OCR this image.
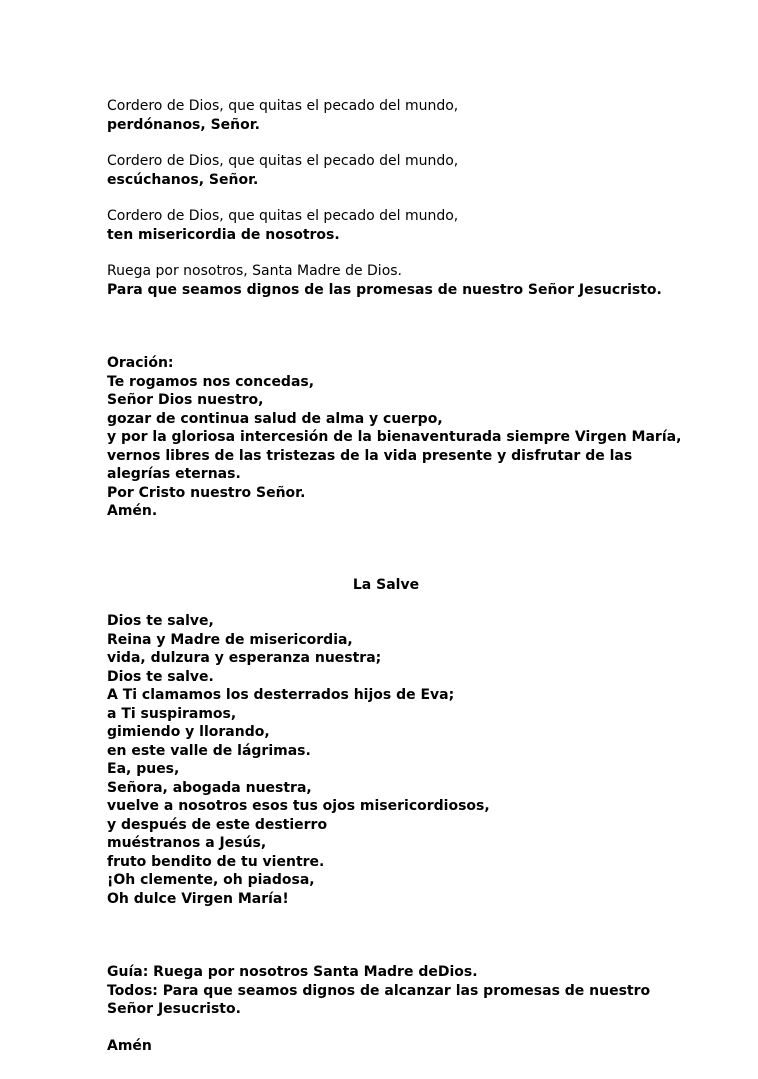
Cordero de Dios, que quitas el pecado del mundo,
perdónanos, Señor.
Cordero de Dios, que quitas el pecado del mundo,
escúchanos, Señor.
Cordero de Dios, que quitas el pecado del mundo,
ten misericordia de nosotros.
Ruega por nosotros, Santa Madre de Dios.
Para que seamos dignos de las promesas de nuestro Señor Jesucristo.
Oración:
Te rogamos nos concedas,
Señor Dios nuestro,
gozar de continua salud de alma y cuerpo,
y por la gloriosa intercesión de la bienaventurada siempre Virgen María,
vernos libres de las tristezas de la vida presente y disfrutar de las
alegrías eternas.
Por Cristo nuestro Señor.
Amén.
La Salve
Dios te salve,
Reina y Madre de misericordia,
vida, dulzura y esperanza nuestra;
Dios te salve.
A Ti clamamos los desterrados hijos de Eva;
a Ti suspiramos,
gimiendo y llorando,
en este valle de lágrimas.
Ea, pues,
Señora, abogada nuestra,
vuelve a nosotros esos tus ojos misericordiosos,
y después de este destierro
muéstranos a Jesús,
fruto bendito de tu vientre.
¡Oh clemente, oh piadosa,
Oh dulce Virgen María!
Guía: Ruega por nosotros Santa Madre deDios.
Todos: Para que seamos dignos de alcanzar las promesas de nuestro
Señor Jesucristo.
Amén
